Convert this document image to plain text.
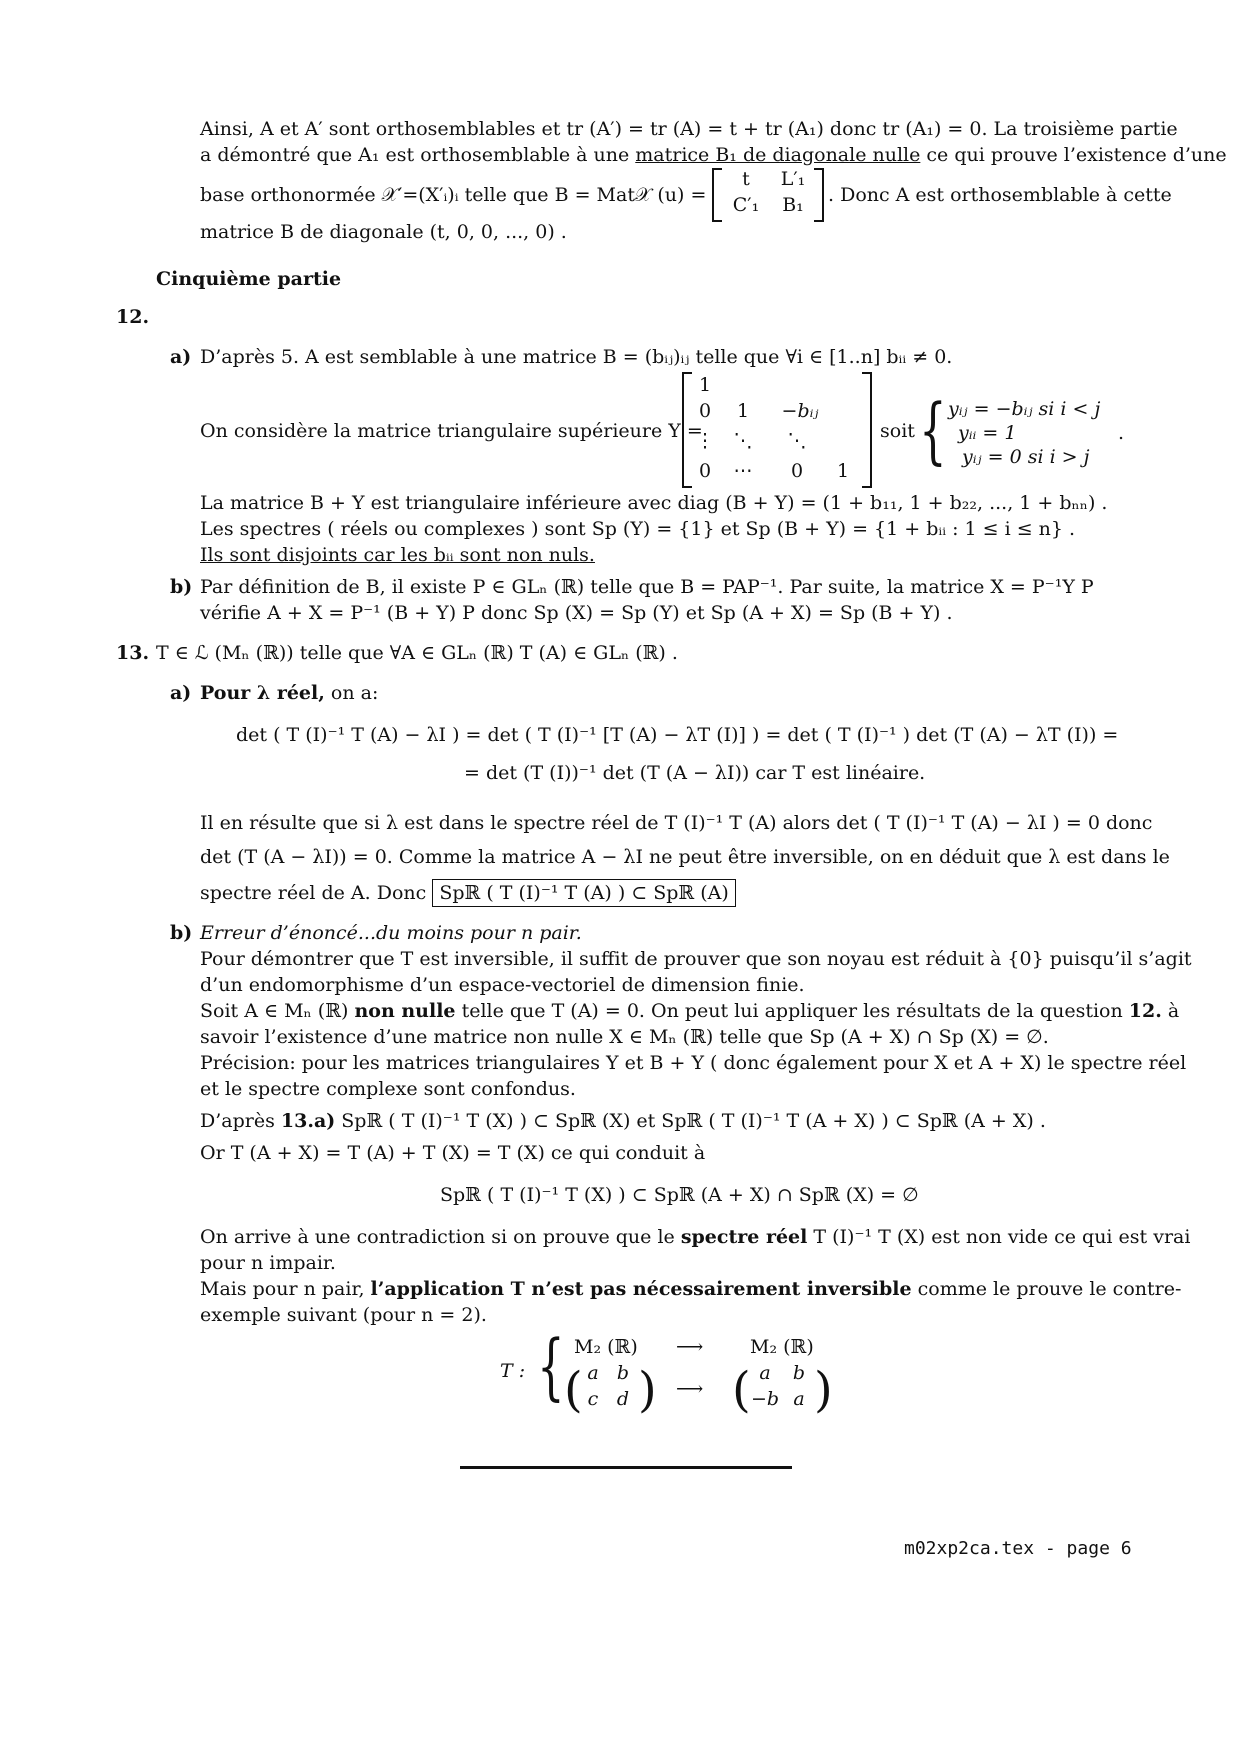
Ainsi, A et A′ sont orthosemblables et tr (A′) = tr (A) = t + tr (A₁) donc tr (A₁) = 0. La troisième partie
a démontré que A₁ est orthosemblable à une matrice B₁ de diagonale nulle ce qui prouve l’existence d’une
base orthonormée 𝒳′=(X′ᵢ)ᵢ telle que B = Mat𝒳 (u) =
t	L′₁
C′₁	B₁	. Donc A est orthosemblable à cette
matrice B de diagonale (t, 0, 0, ..., 0) .
Cinquième partie
12.
a) D’après 5. A est semblable à une matrice B = (bᵢⱼ)ᵢⱼ telle que ∀i ∈ [1..n] bᵢᵢ ≠ 0.
On considère la matrice triangulaire supérieure Y =
1
0	1	−bᵢⱼ
⋮ ⋱ ⋱
0	⋯	0	1
soit { yᵢⱼ = −bᵢⱼ si i < j
yᵢᵢ = 1
yᵢⱼ = 0 si i > j
.
La matrice B + Y est triangulaire inférieure avec diag (B + Y) = (1 + b₁₁, 1 + b₂₂, ..., 1 + bₙₙ) .
Les spectres ( réels ou complexes ) sont Sp (Y) = {1} et Sp (B + Y) = {1 + bᵢᵢ : 1 ≤ i ≤ n} .
Ils sont disjoints car les bᵢᵢ sont non nuls.
b) Par définition de B, il existe P ∈ GLₙ (ℝ) telle que B = PAP⁻¹. Par suite, la matrice X = P⁻¹Y P
vérifie A + X = P⁻¹ (B + Y) P donc Sp (X) = Sp (Y) et Sp (A + X) = Sp (B + Y) .
13. T ∈ ℒ (Mₙ (ℝ)) telle que ∀A ∈ GLₙ (ℝ) T (A) ∈ GLₙ (ℝ) .
a) Pour λ réel, on a:
det ( T (I)⁻¹ T (A) − λI ) = det ( T (I)⁻¹ [T (A) − λT (I)] ) = det ( T (I)⁻¹ ) det (T (A) − λT (I)) =
= det (T (I))⁻¹ det (T (A − λI)) car T est linéaire.
Il en résulte que si λ est dans le spectre réel de T (I)⁻¹ T (A) alors det ( T (I)⁻¹ T (A) − λI ) = 0 donc
det (T (A − λI)) = 0. Comme la matrice A − λI ne peut être inversible, on en déduit que λ est dans le
spectre réel de A. Donc Spℝ ( T (I)⁻¹ T (A) ) ⊂ Spℝ (A)
b) Erreur d’énoncé...du moins pour n pair.
Pour démontrer que T est inversible, il suffit de prouver que son noyau est réduit à {0} puisqu’il s’agit
d’un endomorphisme d’un espace-vectoriel de dimension finie.
Soit A ∈ Mₙ (ℝ) non nulle telle que T (A) = 0. On peut lui appliquer les résultats de la question 12. à
savoir l’existence d’une matrice non nulle X ∈ Mₙ (ℝ) telle que Sp (A + X) ∩ Sp (X) = ∅.
Précision: pour les matrices triangulaires Y et B + Y ( donc également pour X et A + X) le spectre réel
et le spectre complexe sont confondus.
D’après 13.a) Spℝ ( T (I)⁻¹ T (X) ) ⊂ Spℝ (X) et Spℝ ( T (I)⁻¹ T (A + X) ) ⊂ Spℝ (A + X) .
Or T (A + X) = T (A) + T (X) = T (X) ce qui conduit à
Spℝ ( T (I)⁻¹ T (X) ) ⊂ Spℝ (A + X) ∩ Spℝ (X) = ∅
On arrive à une contradiction si on prouve que le spectre réel T (I)⁻¹ T (X) est non vide ce qui est vrai
pour n impair.
Mais pour n pair, l’application T n’est pas nécessairement inversible comme le prouve le contre-
exemple suivant (pour n = 2).
T : { M₂ (ℝ) ⟶ M₂ (ℝ)
( a b
c d ) ⟶ ( a	b
−b a )
m02xp2ca.tex - page 6
